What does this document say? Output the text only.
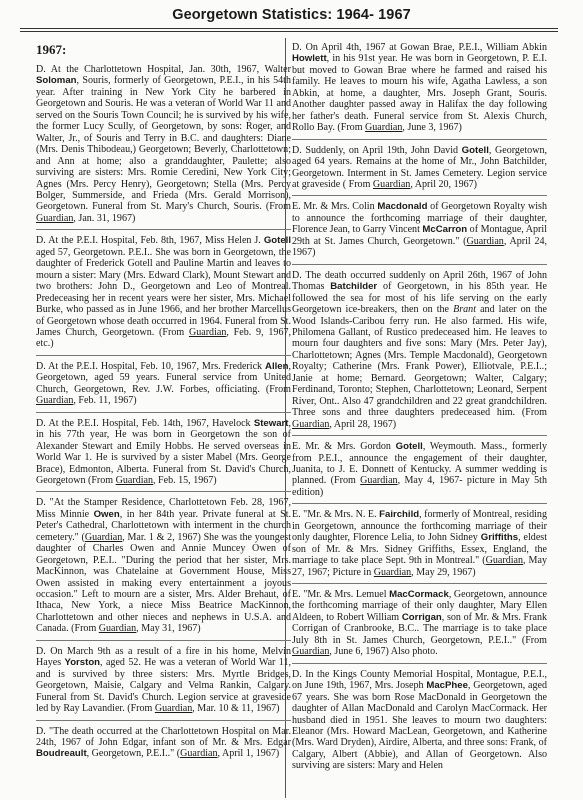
Georgetown Statistics: 1964- 1967
1967:

D. At the Charlottetown Hospital, Jan. 30th, 1967, Walter Soloman, Souris, formerly of Georgetown, P.E.I., in his 54th year. After training in New York City he barbered in Georgetown and Souris. He was a veteran of World War 11 and served on the Souris Town Council; he is survived by his wife, the former Lucy Scully, of Georgetown, by sons: Roger, and Walter, Jr., of Souris and Terry in B.C. and daughters: Diane (Mrs. Denis Thibodeau,) Georgetown; Beverly, Charlottetown; and Ann at home; also a granddaughter, Paulette; also surviving are sisters: Mrs. Romie Ceredini, New York City; Agnes (Mrs. Percy Henry), Georgetown; Stella (Mrs. Percy Bolger, Summerside, and Frieda (Mrs. Gerald Morrison), Georgetown. Funeral from St. Mary's Church, Souris. (From Guardian, Jan. 31, 1967)

D. At the P.E.I. Hospital, Feb. 8th, 1967, Miss Helen J. Gotell aged 57, Georgetown. P.E.I.. She was born in Georgetown, the daughter of Frederick Gotell and Pauline Martin and leaves to mourn a sister: Mary (Mrs. Edward Clark), Mount Stewart and two brothers: John D., Georgetown and Leo of Montreal. Predeceasing her in recent years were her sister, Mrs. Michael Burke, who passed as in June 1966, and her brother Marcellus of Georgetown whose death occurred in 1964. Funeral from St. James Church, Georgetown. (From Guardian, Feb. 9, 1967, etc.)

D. At the P.E.I. Hospital, Feb. 10, 1967, Mrs. Frederick Allen, Georgetown, aged 59 years. Funeral service from United Church, Georgetown, Rev. J.W. Forbes, officiating. (From Guardian, Feb. 11, 1967)

D. At the P.E.I. Hospital, Feb. 14th, 1967, Havelock Stewart, in his 77th year, He was born in Georgetown the son of Alexander Stewart and Emily Hobbs. He served overseas in World War 1. He is survived by a sister Mabel (Mrs. George Brace), Edmonton, Alberta. Funeral from St. David's Church, Georgetown (From Guardian, Feb. 15, 1967)

D. "At the Stamper Residence, Charlottetown Feb. 28, 1967, Miss Minnie Owen, in her 84th year. Private funeral at St. Peter's Cathedral, Charlottetown with interment in the church cemetery." (Guardian, Mar. 1 & 2, 1967) She was the youngest daughter of Charles Owen and Annie Muncey Owen of Georgetown, P.E.I.. "During the period that her sister, Mrs. MacKinnon, was Chatelaine at Government House, Miss Owen assisted in making every entertainment a joyous occasion." Left to mourn are a sister, Mrs. Alder Brehaut, of Ithaca, New York, a niece Miss Beatrice MacKinnon, Charlottetown and other nieces and nephews in U.S.A. and Canada. (From Guardian, May 31, 1967)

D. On March 9th as a result of a fire in his home, Melvin Hayes Yorston, aged 52. He was a veteran of World War 11, and is survived by three sisters: Mrs. Myrtle Bridges, Georgetown, Maisie, Calgary and Velma Rankin, Calgary. Funeral from St. David's Church. Legion service at graveside led by Ray Lavandier. (From Guardian, Mar. 10 & 11, 1967)

D. "The death occurred at the Charlottetown Hospital on Mar. 24th, 1967 of John Edgar, infant son of Mr. & Mrs. Edgar Boudreault, Georgetown, P.E.I.." (Guardian, April 1, 1967)

D. On April 4th, 1967 at Gowan Brae, P.E.I., William Abkin Howlett, in his 91st year. He was born in Georgetown, P. E.I. but moved to Gowan Brae where he farmed and raised his family. He leaves to mourn his wife, Agatha Lawless, a son Abkin, at home, a daughter, Mrs. Joseph Grant, Souris. Another daughter passed away in Halifax the day following her father's death. Funeral service from St. Alexis Church, Rollo Bay. (From Guardian, June 3, 1967)

D. Suddenly, on April 19th, John David Gotell, Georgetown, aged 64 years. Remains at the home of Mr., John Batchilder, Georgetown. Interment in St. James Cemetery. Legion service at graveside ( From Guardian, April 20, 1967)

E. Mr. & Mrs. Colin Macdonald of Georgetown Royalty wish to announce the forthcoming marriage of their daughter, Florence Jean, to Garry Vincent McCarron of Montague, April 29th at St. James Church, Georgetown." (Guardian, April 24, 1967)

D. The death occurred suddenly on April 26th, 1967 of John Thomas Batchilder of Georgetown, in his 85th year. He followed the sea for most of his life serving on the early Georgetown ice-breakers, then on the Brant and later on the Wood Islands-Caribou ferry run. He also farmed. His wife, Philomena Gallant, of Rustico predeceased him. He leaves to mourn four daughters and five sons: Mary (Mrs. Peter Jay), Charlottetown; Agnes (Mrs. Temple Macdonald), Georgetown Royalty; Catherine (Mrs. Frank Power), Elliotvale, P.E.I..; Janie at home; Bernard. Georgetown; Walter, Calgary; Ferdinand, Toronto; Stephen, Charlottetown; Leonard, Serpent River, Ont.. Also 47 grandchildren and 22 great grandchildren. Three sons and three daughters predeceased him. (From Guardian, April 28, 1967)

E. Mr. & Mrs. Gordon Gotell, Weymouth. Mass., formerly from P.E.I., announce the engagement of their daughter, Juanita, to J. E. Donnett of Kentucky. A summer wedding is planned. (From Guardian, May 4, 1967- picture in May 5th edition)

E. "Mr. & Mrs. N. E. Fairchild, formerly of Montreal, residing in Georgetown, announce the forthcoming marriage of their only daughter, Florence Lelia, to John Sidney Griffiths, eldest son of Mr. & Mrs. Sidney Griffiths, Essex, England, the marriage to take place Sept. 9th in Montreal." (Guardian, May 27, 1967; Picture in Guardian, May 29, 1967)

E. "Mr. & Mrs. Lemuel MacCormack, Georgetown, announce the forthcoming marriage of their only daughter, Mary Ellen Aldeen, to Robert William Corrigan, son of Mr. & Mrs. Frank Corrigan of Cranbrooke, B.C.. The marriage is to take place July 8th in St. James Church, Georgetown, P.E.I.." (From Guardian, June 6, 1967) Also photo.

D. In the Kings County Memorial Hospital, Montague, P.E.I., on June 19th, 1967, Mrs. Joseph MacPhee, Georgetown, aged 67 years. She was born Rose MacDonald in Georgetown the daughter of Allan MacDonald and Carolyn MacCormack. Her husband died in 1951. She leaves to mourn two daughters: Eleanor (Mrs. Howard MacLean, Georgetown, and Katherine (Mrs. Ward Dryden), Airdire, Alberta, and three sons: Frank, of Calgary, Albert (Abbie), and Allan of Georgetown. Also surviving are sisters: Mary and Helen
